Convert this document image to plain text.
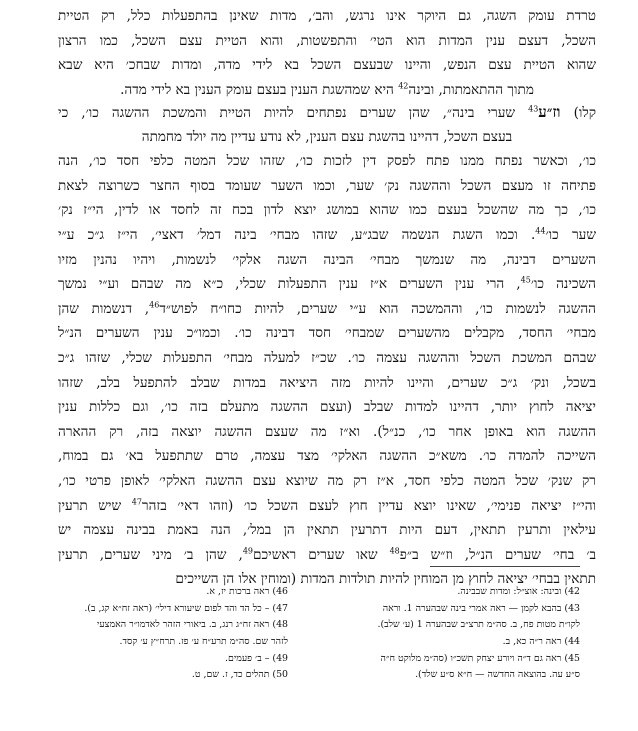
טרדת עומק השגה, גם היוקר אינו נרגש, והב׳, מדות שאינן בהתפעלות כלל, רק הטיית
השכל, דעצם ענין המדות הוא הטי׳ והתפשטות, והוא הטיית עצם השכל, כמו הרצון
שהוא הטיית עצם הנפש, והיינו שבעצם השכל בא לידי מדה, ומדות שבחכ׳ היא שבא
מתוך ההתאמתות, ובינה$^{42}$ היא שמהשגת הענין בעצם עומק הענין בא לידי מדה.
קלו) וז״ע$^{43}$ שערי בינה״, שהן שערים נפתחים להיות הטיית והמשכת ההשגה כו׳, כי
בעצם השכל, דהיינו בהשגת עצם הענין, לא נודע עדיין מה יולד מחמתה
כו׳, וכאשר נפתח ממנו פתח לפסק דין לזכות כו׳, שזהו שכל המטה כלפי חסד כו׳, הנה
פתיחה זו מעצם השכל וההשגה נק׳ שער, וכמו השער שעומד בסוף החצר כשרוצה לצאת
כו׳, כך מה שהשכל בעצם כמו שהוא במושג יוצא לדון בכח זה לחסד או לדין, הי״ז נק׳
שער כו׳$^{44}$. וכמו השגת הנשמה שבג״ע, שזהו מבחי׳ בינה דמל׳ דאצי׳, הי״ז ג״כ ע״י
השערים דבינה, מה שנמשך מבחי׳ הבינה השגה אלקי׳ לנשמות, ויהיו נהנין מזיו
השכינה כו׳$^{45}$, הרי ענין השערים א״ז ענין התפעלות שכלי, כ״א מה שבהם וע״י נמשך
ההשגה לנשמות כו׳, וההמשכה הוא ע״י שערים, להיות כחו״ח לפוש״ד$^{46}$, דנשמות שהן
מבחי׳ החסד, מקבלים מהשערים שמבחי׳ חסד דבינה כו׳. וכמו״כ ענין השערים הנ״ל
שבהם המשכת השכל וההשגה עצמה כו׳. שכ״ז למעלה מבחי׳ התפעלות שכלי, שזהו ג״כ
בשכל, ונק׳ ג״כ שערים, והיינו להיות מזה היציאה במדות שבלב להתפעל בלב, שזהו
יציאה לחוץ יותר, דהיינו למדות שבלב (ועצם ההשגה מתעלם בזה כו׳, וגם כללות ענין
ההשגה הוא באופן אחר כו׳, כנ״ל). וא״ז מה שעצם ההשגה יוצאה בזה, רק ההארה
השייכה להמדה כו׳. משא״כ ההשגה האלקי׳ מצד עצמה, טרם שתתפעל בא׳ גם במוח,
רק שנק׳ שכל המטה כלפי חסד, א״ז רק מה שיוצא עצם ההשגה האלקי׳ לאופן פרטי כו׳,
והי״ז יציאה פנימי׳, שאינו יוצא עדיין חוץ לעצם השכל כו׳ (וזהו דאי׳ בזהר$^{47}$ שיש תרעין
עילאין ותרעין תתאין, דעם היות דתרעין תתאין הן במל׳, הנה באמת בבינה עצמה יש
ב׳ בחי׳ שערים הנ״ל, וז״ש ב״פ$^{48}$ שאו שערים ראשיכם$^{49}$, שהן ב׳ מיני שערים, תרעין
תתאין בבחי׳ יציאה לחוץ מן המוחין להיות תולדות המדות (ומוחין אלו הן השייכים
42) ובינה: אוצ״ל: ומדות שבבינה.
43) בהבא לקמן — ראה אמרי בינה שבהערה 1. וראה
לקו״ת מטות פח, ב. סה״מ תרצ״ב שבהערה 1 (ע׳ שלב).
44) ראה ר״ה כא, ב.
45) ראה גם ד״ה ויורע יצחק תשכ״ו (סה״מ מלוקט ח״ה
ס״ע עה. בהוצאה החדשה — ח״א ס״ע שלד).
46) ראה ברכות יז, א.
47) – כל הד והד לפום שיעורא דילי׳ (ראה זח״א קג, ב).
48) ראה זח״ג רנג, ב. ביאורי הזהר לאדמו״ר האמצעי
לזהר שם. סה״מ תרע״ח ע׳ פז. תרח״ץ ע׳ קסד.
49) – ב׳ פעמים.
50) תהלים כד, ז. שם, ט.
